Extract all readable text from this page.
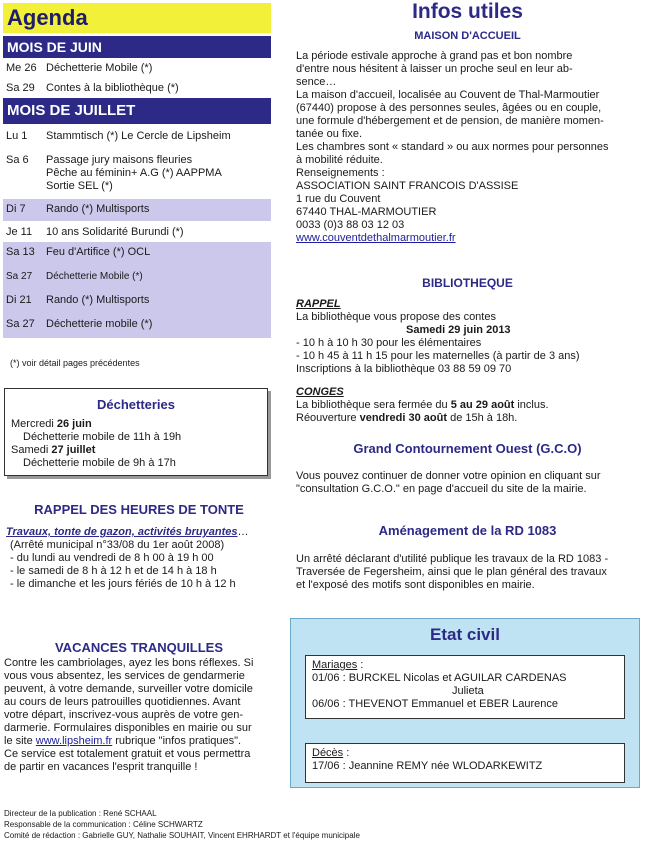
Agenda
MOIS DE JUIN
Me 26 Déchetterie Mobile (*)
Sa 29	Contes à la bibliothèque (*)
MOIS DE JUILLET
Lu 1	Stammtisch (*) Le Cercle de Lipsheim
Sa 6	Passage jury maisons fleuries
Pêche au féminin+ A.G (*) AAPPMA
Sortie SEL (*)
Di 7	Rando (*) Multisports
Je 11	10 ans Solidarité Burundi (*)
Sa 13	Feu d'Artifice (*) OCL
Sa 27	Déchetterie Mobile (*)
Di 21	Rando (*) Multisports
Sa 27	Déchetterie mobile (*)
(*) voir détail pages précédentes
Déchetteries
Mercredi 26 juin
Déchetterie mobile de 11h à 19h
Samedi 27 juillet
Déchetterie mobile de 9h à 17h
RAPPEL DES HEURES DE TONTE
Travaux, tonte de gazon, activités bruyantes…
(Arrêté municipal n°33/08 du 1er août 2008)
- du lundi au vendredi de 8 h 00 à 19 h 00
- le samedi de 8 h à 12 h et de 14 h à 18 h
- le dimanche et les jours fériés de 10 h à 12 h
VACANCES TRANQUILLES
Contre les cambriolages, ayez les bons réflexes. Si
vous vous absentez, les services de gendarmerie
peuvent, à votre demande, surveiller votre domicile
au cours de leurs patrouilles quotidiennes. Avant
votre départ, inscrivez-vous auprès de votre gen-
darmerie. Formulaires disponibles en mairie ou sur
le site www.lipsheim.fr rubrique "infos pratiques".
Ce service est totalement gratuit et vous permettra
de partir en vacances l'esprit tranquille !
Directeur de la publication : René SCHAAL
Responsable de la communication : Céline SCHWARTZ
Comité de rédaction : Gabrielle GUY, Nathalie SOUHAIT, Vincent EHRHARDT et l'équipe municipale
Infos utiles
MAISON D'ACCUEIL
La période estivale approche à grand pas et bon nombre
d'entre nous hésitent à laisser un proche seul en leur ab-
sence…
La maison d'accueil, localisée au Couvent de Thal-Marmoutier
(67440) propose à des personnes seules, âgées ou en couple,
une formule d'hébergement et de pension, de manière momen-
tanée ou fixe.
Les chambres sont « standard » ou aux normes pour personnes
à mobilité réduite.
Renseignements :
ASSOCIATION SAINT FRANCOIS D'ASSISE
1 rue du Couvent
67440 THAL-MARMOUTIER
0033 (0)3 88 03 12 03
www.couventdethalmarmoutier.fr
BIBLIOTHEQUE
RAPPEL
La bibliothèque vous propose des contes
Samedi 29 juin 2013
- 10 h à 10 h 30 pour les élémentaires
- 10 h 45 à 11 h 15 pour les maternelles (à partir de 3 ans)
Inscriptions à la bibliothèque 03 88 59 09 70
CONGES
La bibliothèque sera fermée du 5 au 29 août inclus.
Réouverture vendredi 30 août de 15h à 18h.
Grand Contournement Ouest (G.C.O)
Vous pouvez continuer de donner votre opinion en cliquant sur
"consultation G.C.O." en page d'accueil du site de la mairie.
Aménagement de la RD 1083
Un arrêté déclarant d'utilité publique les travaux de la RD 1083 -
Traversée de Fegersheim, ainsi que le plan général des travaux
et l'exposé des motifs sont disponibles en mairie.
Etat civil
Mariages :
01/06 : BURCKEL Nicolas et AGUILAR CARDENAS
Julieta
06/06 : THEVENOT Emmanuel et EBER Laurence
Décès :
17/06 : Jeannine REMY née WLODARKEWITZ
